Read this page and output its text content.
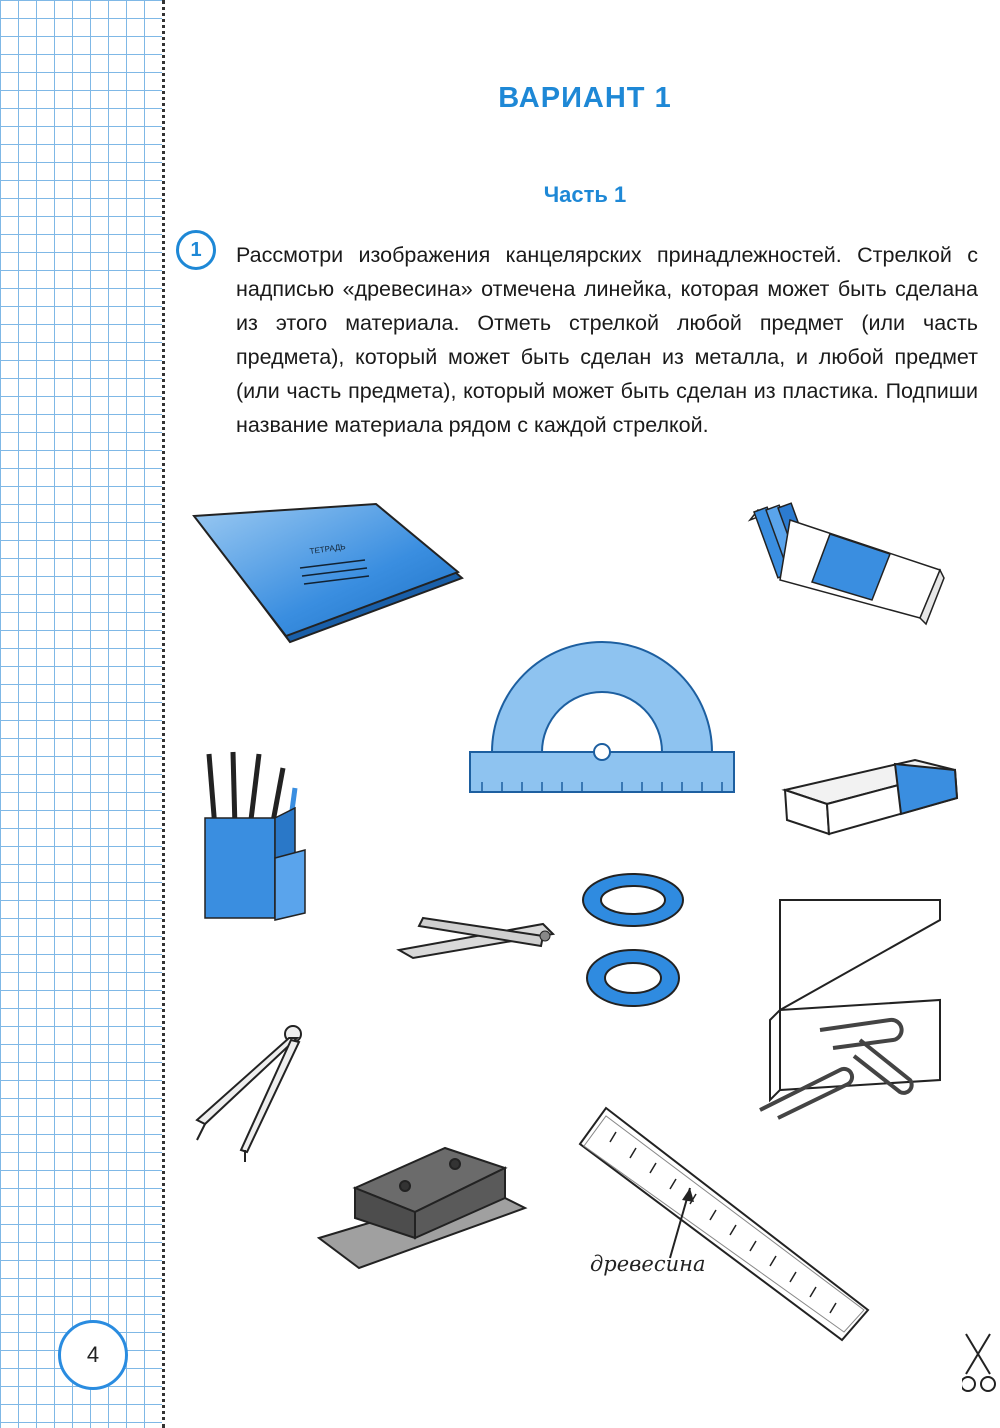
ВАРИАНТ 1
Часть 1
1	Рассмотри изображения канцелярских принадлежностей. Стрелкой с надписью «древесина» отмечена линейка, которая может быть сделана из этого материала. Отметь стрелкой любой предмет (или часть предмета), который может быть сделан из металла, и любой предмет (или часть предмета), который может быть сделан из пластика. Подпиши название материала рядом с каждой стрелкой.
ТЕТРАДЬ
древесина
4
